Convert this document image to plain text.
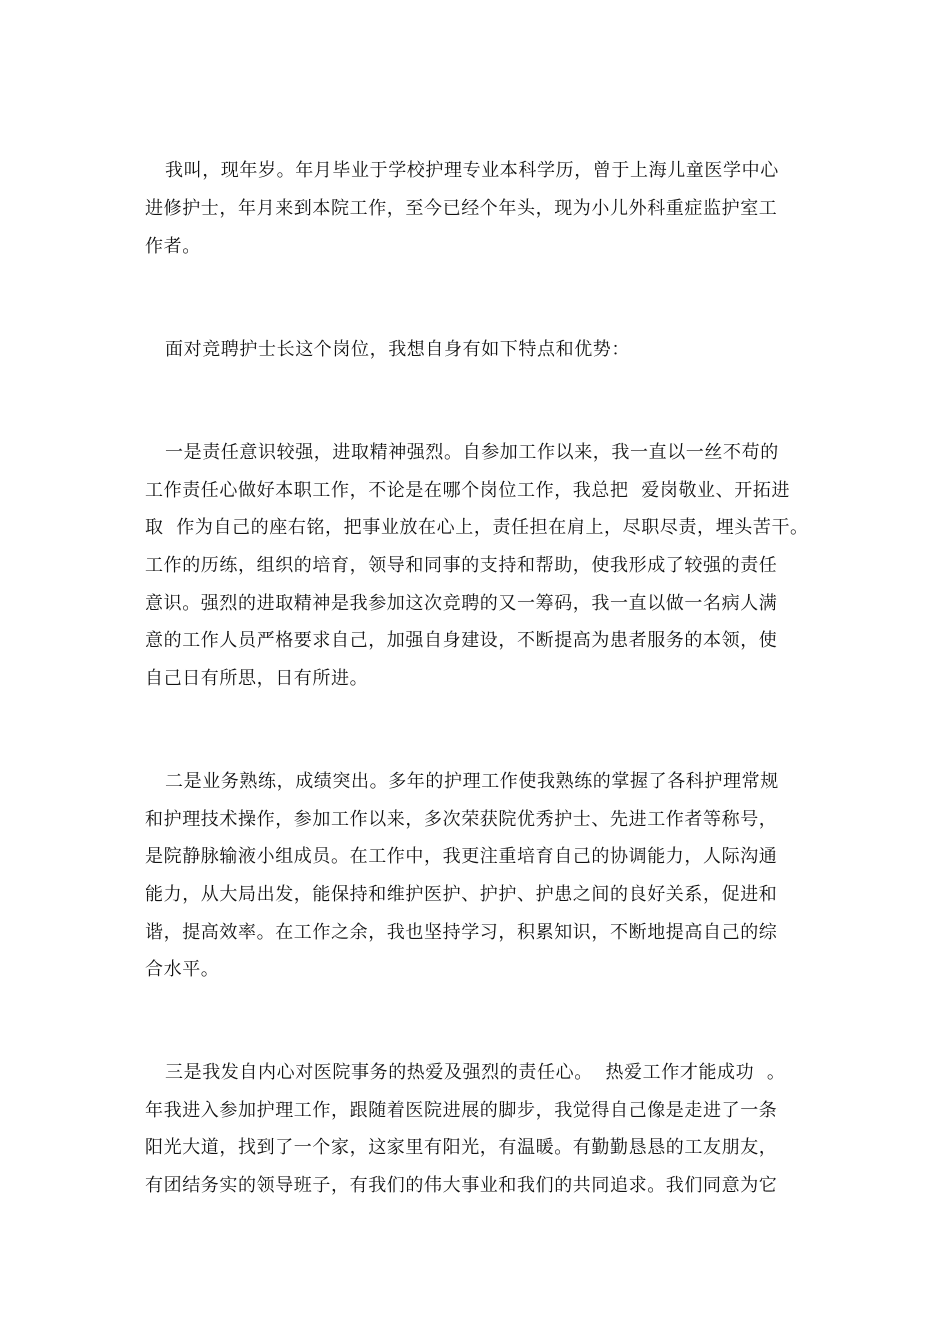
我叫，现年岁。年月毕业于学校护理专业本科学历，曾于上海儿童医学中心
进修护士，年月来到本院工作，至今已经个年头，现为小儿外科重症监护室工
作者。
面对竞聘护士长这个岗位，我想自身有如下特点和优势：
一是责任意识较强，进取精神强烈。自参加工作以来，我一直以一丝不苟的
工作责任心做好本职工作，不论是在哪个岗位工作，我总把  爱岗敬业、开拓进
取  作为自己的座右铭，把事业放在心上，责任担在肩上，尽职尽责，埋头苦干。
工作的历练，组织的培育，领导和同事的支持和帮助，使我形成了较强的责任
意识。强烈的进取精神是我参加这次竞聘的又一筹码，我一直以做一名病人满
意的工作人员严格要求自己，加强自身建设，不断提高为患者服务的本领，使
自己日有所思，日有所进。
二是业务熟练，成绩突出。多年的护理工作使我熟练的掌握了各科护理常规
和护理技术操作，参加工作以来，多次荣获院优秀护士、先进工作者等称号，
是院静脉输液小组成员。在工作中，我更注重培育自己的协调能力，人际沟通
能力，从大局出发，能保持和维护医护、护护、护患之间的良好关系，促进和
谐，提高效率。在工作之余，我也坚持学习，积累知识，不断地提高自己的综
合水平。
三是我发自内心对医院事务的热爱及强烈的责任心。  热爱工作才能成功  。
年我进入参加护理工作，跟随着医院进展的脚步，我觉得自己像是走进了一条
阳光大道，找到了一个家，这家里有阳光，有温暖。有勤勤恳恳的工友朋友，
有团结务实的领导班子，有我们的伟大事业和我们的共同追求。我们同意为它
